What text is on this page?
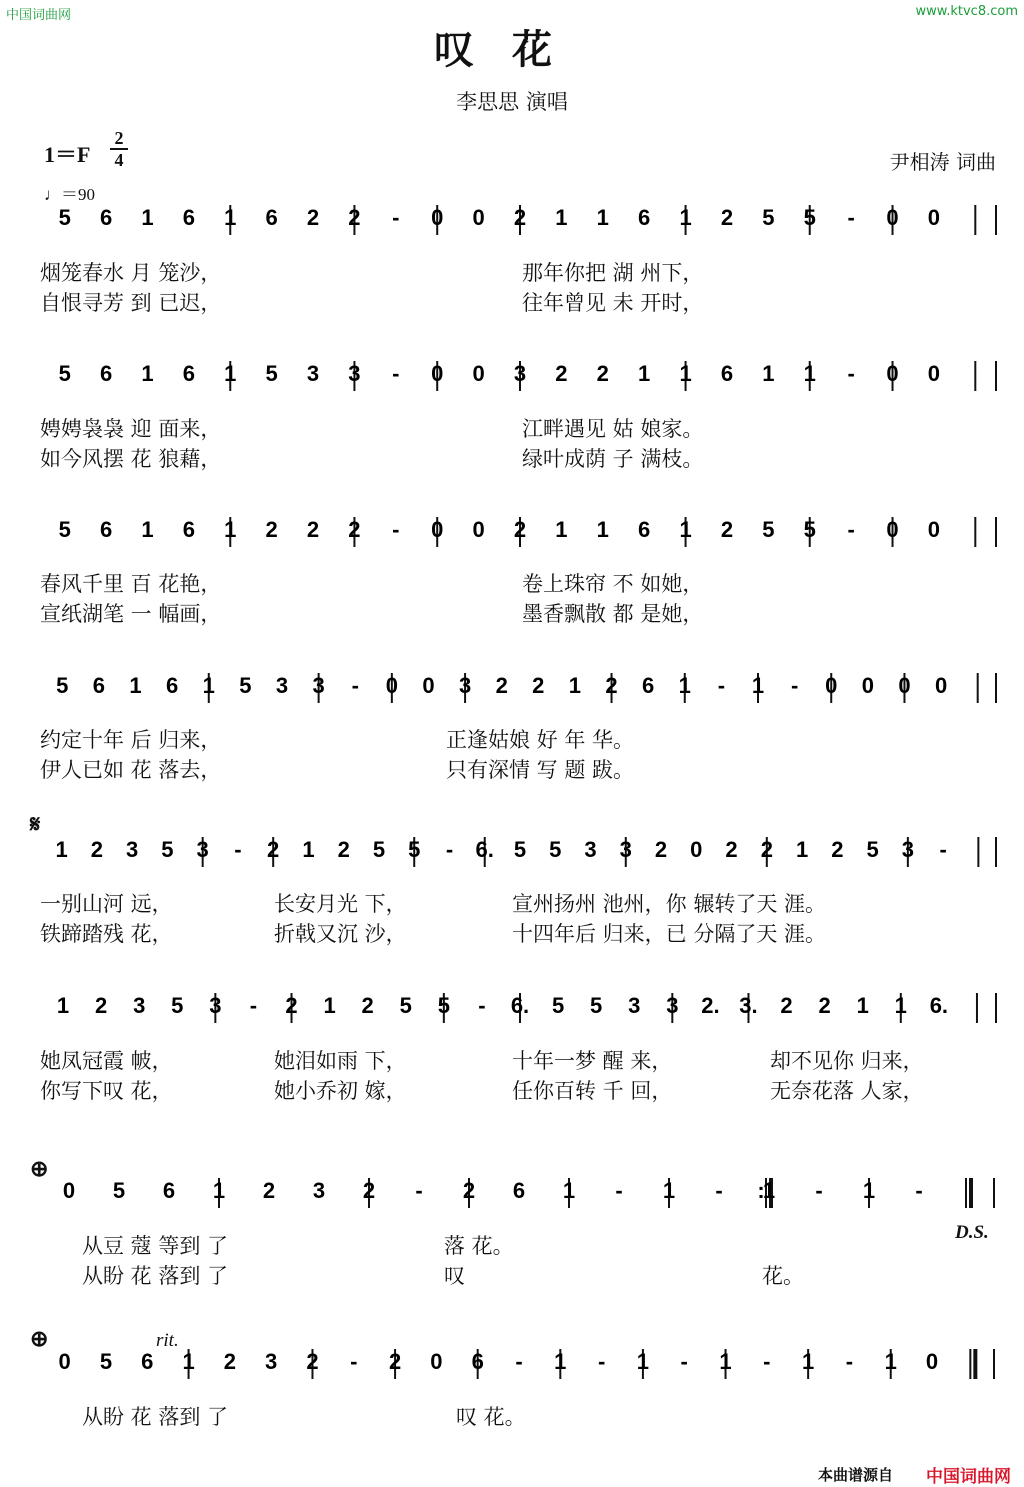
中国词曲网	www.ktvc8.com
叹花
李思思 演唱
1＝F
2
4	尹相涛 词曲
♩＝90
5 6 1 6 1 6 2 2 - 0 0 2 1 1 6 1 2 5 5 - 0 0
5 6 1 6 1 5 3 3 - 0 0 3 2 2 1 1 6 1 1 - 0 0
5 6 1 6 1 2 2 2 - 0 0 2 1 1 6 1 2 5 5 - 0 0
5 6 1 6 1 5 3 3 - 0 0 3 2 2 1 2 6 1 - 1 - 0 0 0 0
1 2 3 5 3 - 2 1 2 5 5 - 6. 5 5 3 3 2 0 2 2 1 2 5 3 -
1 2 3 5 3 - 2 1 2 5 5 - 6. 5 5 3 3 2. 3. 2 2 1 1 6.
0 5 6 1 2 3 2 - 2 6 1 - 1 - :
1 - 1 -
0 5 6 1 2 3 2 - 2 0 6 - 1 - 1 - 1 - 1 - 1 0
烟笼春水 月 笼沙，	那年你把 湖 州下，
自恨寻芳 到 已迟，	往年曾见 未 开时，
娉娉袅袅 迎 面来，	江畔遇见 姑 娘家。
如今风摆 花 狼藉，	绿叶成荫 子 满枝。
春风千里 百 花艳，	卷上珠帘 不 如她，
宣纸湖笔 一 幅画，	墨香飘散 都 是她，
约定十年 后 归来，	正逢姑娘 好 年 华。
伊人已如 花 落去，	只有深情 写 题 跋。
𝄋
一别山河 远，	长安月光 下，	宣州扬州 池州，你 辗转了天 涯。
铁蹄踏残 花，	折戟又沉 沙，	十四年后 归来，已 分隔了天 涯。
她凤冠霞 帔，	她泪如雨 下，	十年一梦 醒 来，	却不见你 归来，
你写下叹 花，	她小乔初 嫁，	任你百转 千 回，	无奈花落 人家，
⊕
从豆 蔻 等到 了	落 花。
从盼 花 落到 了	叹	花。
D.S.
⊕	rit.
从盼 花 落到 了	叹 花。
本曲谱源自 中国词曲网
